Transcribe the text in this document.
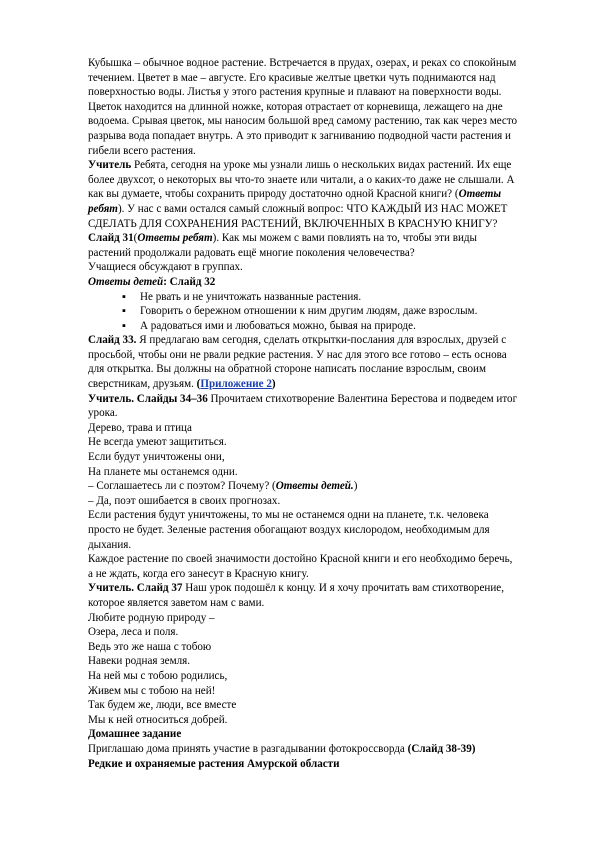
Кубышка – обычное водное растение. Встречается в прудах, озерах, и реках со спокойным течением. Цветет в мае – августе. Его красивые желтые цветки чуть поднимаются над поверхностью воды. Листья у этого растения крупные и плавают на поверхности воды. Цветок находится на длинной ножке, которая отрастает от корневища, лежащего на дне водоема. Срывая цветок, мы наносим большой вред самому растению, так как через место разрыва вода попадает внутрь. А это приводит к загниванию подводной части растения и гибели всего растения.

Учитель Ребята, сегодня на уроке мы узнали лишь о нескольких видах растений. Их еще более двухсот, о некоторых вы что-то знаете или читали, а о каких-то даже не слышали. А как вы думаете, чтобы сохранить природу достаточно одной Красной книги? (Ответы ребят). У нас с вами остался самый сложный вопрос: ЧТО КАЖДЫЙ ИЗ НАС МОЖЕТ СДЕЛАТЬ ДЛЯ СОХРАНЕНИЯ РАСТЕНИЙ, ВКЛЮЧЕННЫХ В КРАСНУЮ КНИГУ?

Слайд 31(Ответы ребят). Как мы можем с вами повлиять на то, чтобы эти виды растений продолжали радовать ещё многие поколения человечества?

Учащиеся обсуждают в группах.

Ответы детей: Слайд 32

▪ Не рвать и не уничтожать названные растения.
▪ Говорить о бережном отношении к ним другим людям, даже взрослым.
▪ А радоваться ими и любоваться можно, бывая на природе.

Слайд 33. Я предлагаю вам сегодня, сделать открытки-послания для взрослых, друзей с просьбой, чтобы они не рвали редкие растения. У нас для этого все готово – есть основа для открытка. Вы должны на обратной стороне написать послание взрослым, своим сверстникам, друзьям. (Приложение 2)

Учитель. Слайды 34–36 Прочитаем стихотворение Валентина Берестова и подведем итог урока.

Дерево, трава и птица

Не всегда умеют защититься.

Если будут уничтожены они,

На планете мы останемся одни.

– Соглашаетесь ли с поэтом? Почему? (Ответы детей.)

– Да, поэт ошибается в своих прогнозах.

Если растения будут уничтожены, то мы не останемся одни на планете, т.к. человека просто не будет. Зеленые растения обогащают воздух кислородом, необходимым для дыхания.

Каждое растение по своей значимости достойно Красной книги и его необходимо беречь, а не ждать, когда его занесут в Красную книгу.

Учитель. Слайд 37 Наш урок подошёл к концу. И я хочу прочитать вам стихотворение, которое является заветом нам с вами.

Любите родную природу –

Озера, леса и поля.

Ведь это же наша с тобою

Навеки родная земля.

На ней мы с тобою родились,

Живем мы с тобою на ней!

Так будем же, люди, все вместе

Мы к ней относиться добрей.

Домашнее задание

Приглашаю дома принять участие в разгадывании фотокроссворда (Слайд 38-39)

Редкие и охраняемые растения Амурской области
